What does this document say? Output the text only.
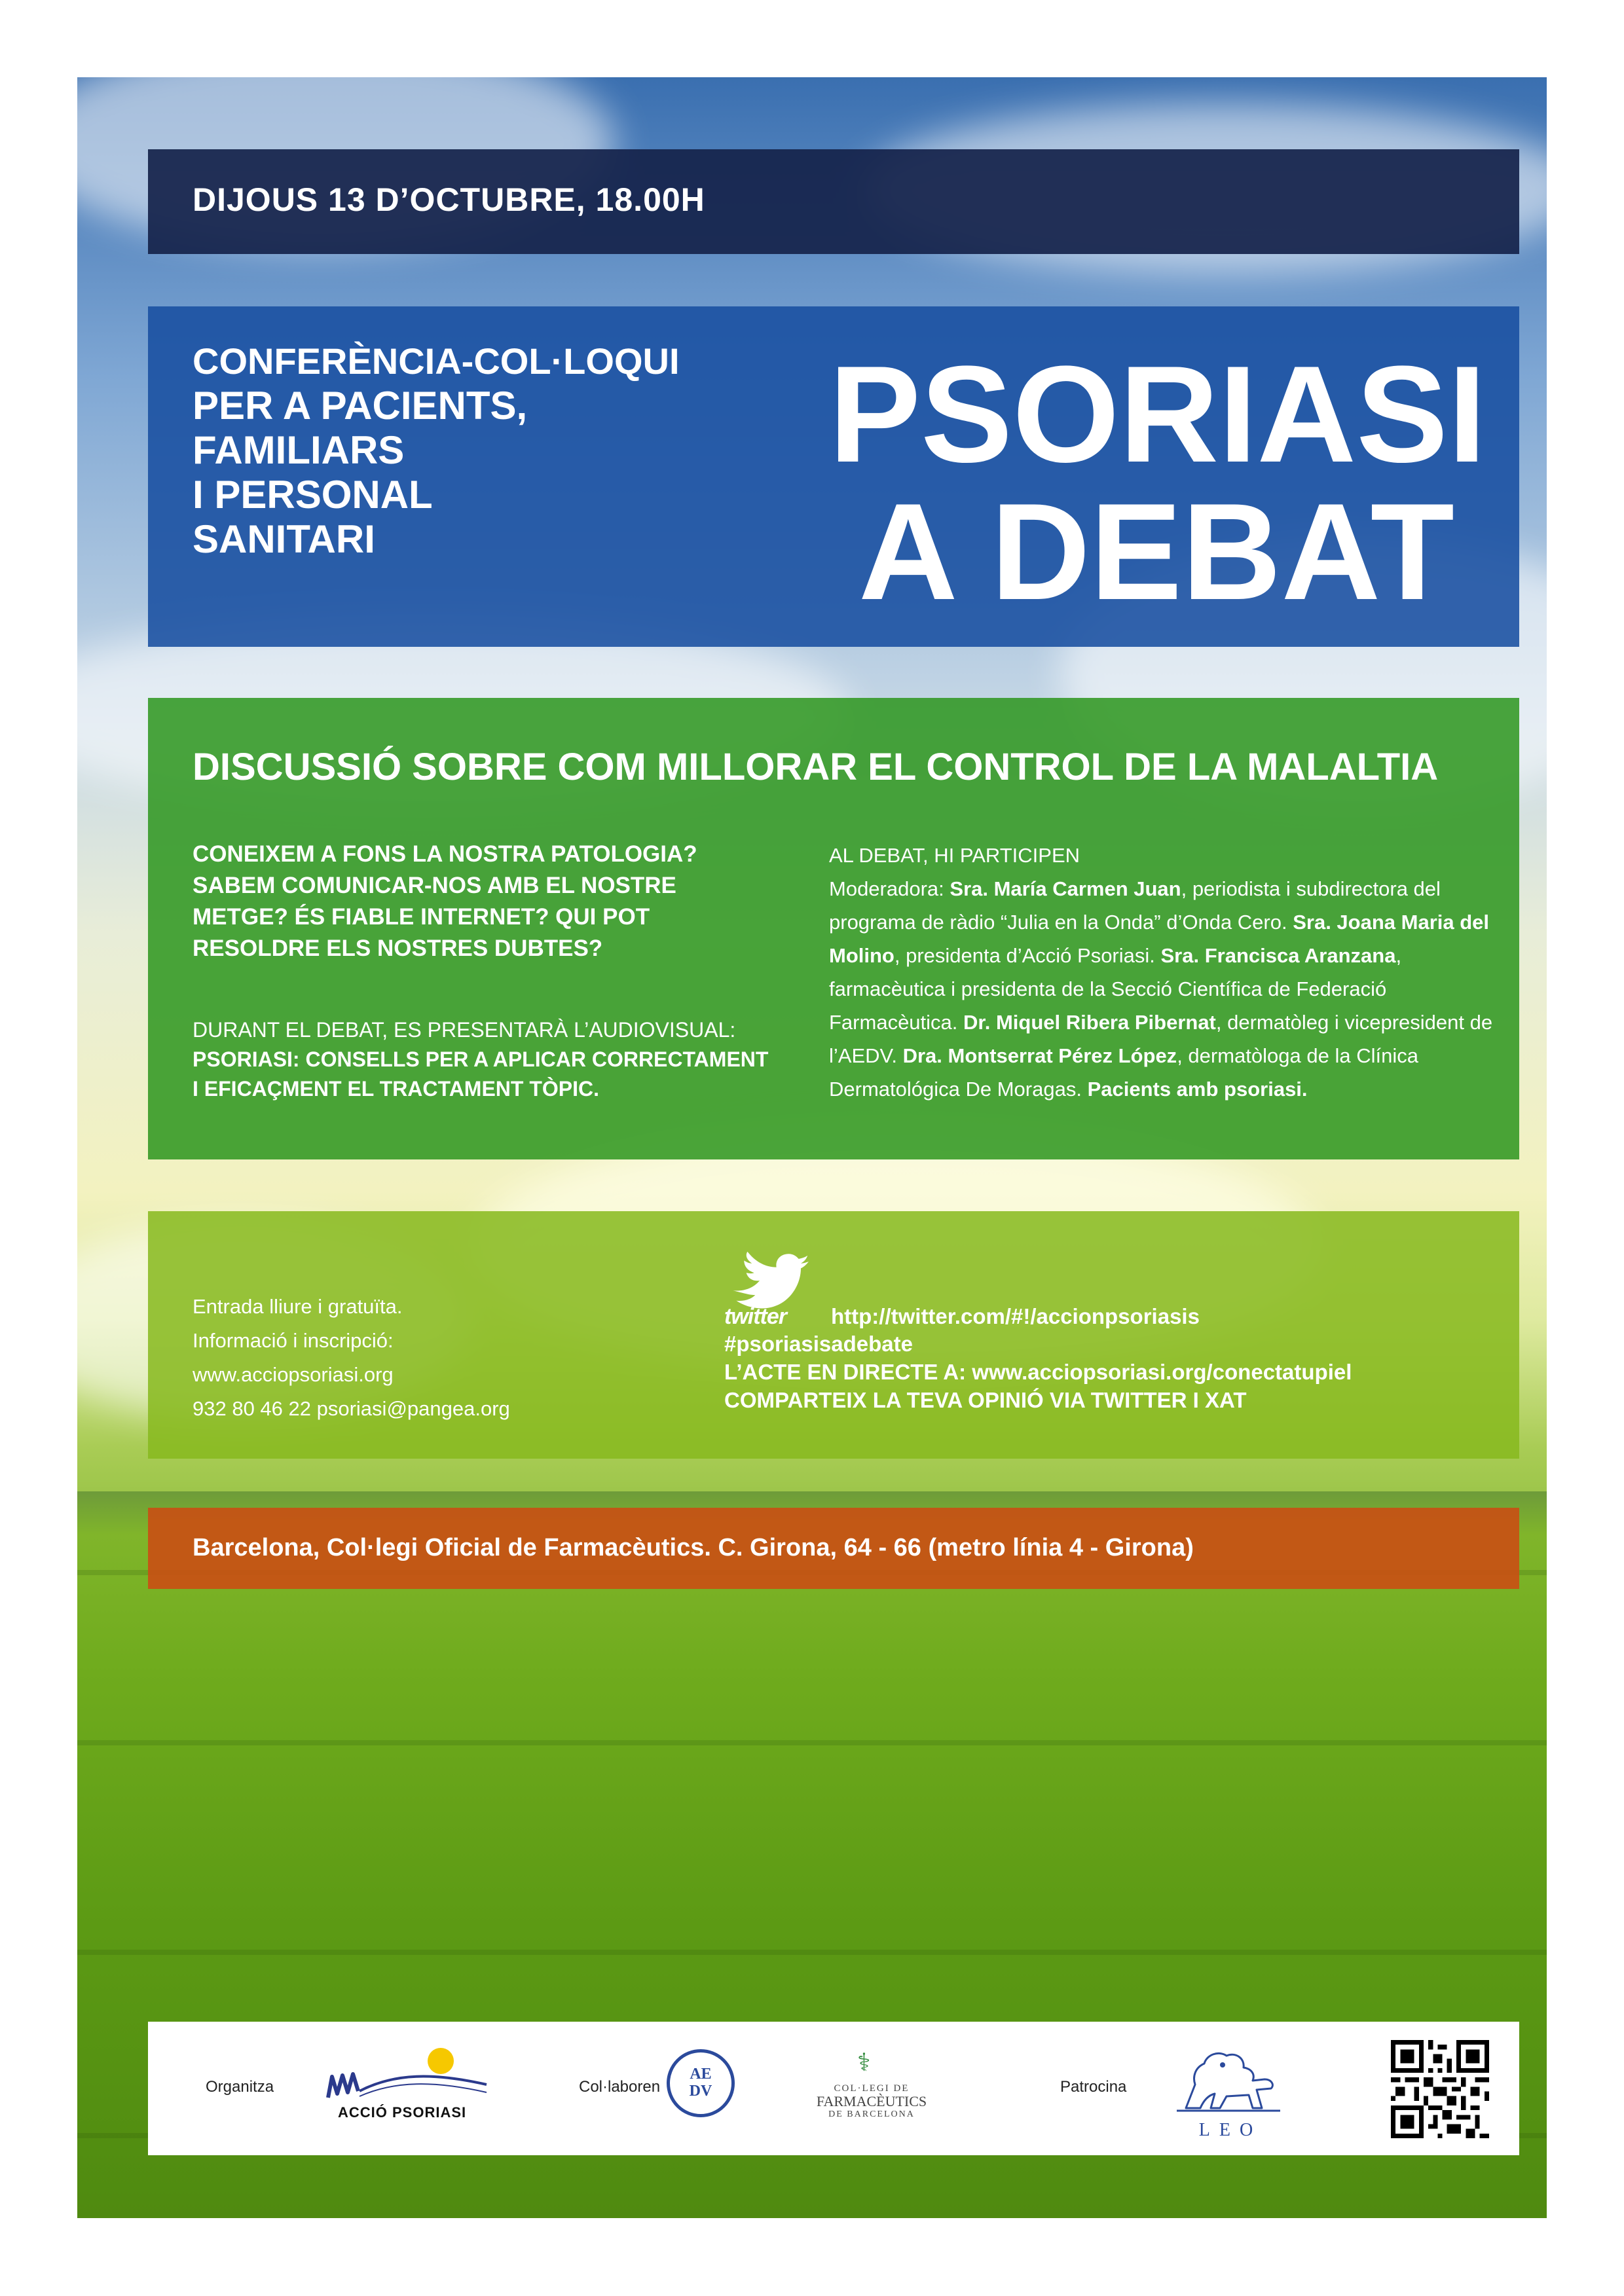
DIJOUS 13 D’OCTUBRE, 18.00H
CONFERÈNCIA-COL·LOQUI
PER A PACIENTS,
FAMILIARS
I PERSONAL
SANITARI
PSORIASI
A DEBAT
DISCUSSIÓ SOBRE COM MILLORAR EL CONTROL DE LA MALALTIA
CONEIXEM A FONS LA NOSTRA PATOLOGIA?
SABEM COMUNICAR-NOS AMB EL NOSTRE
METGE? ÉS FIABLE INTERNET? QUI POT
RESOLDRE ELS NOSTRES DUBTES?
DURANT EL DEBAT, ES PRESENTARÀ L’AUDIOVISUAL:
PSORIASI: CONSELLS PER A APLICAR CORRECTAMENT
I EFICAÇMENT EL TRACTAMENT TÒPIC.
AL DEBAT, HI PARTICIPEN
Moderadora: Sra. María Carmen Juan, periodista i subdirectora del programa de ràdio “Julia en la Onda” d’Onda Cero. Sra. Joana Maria del Molino, presidenta d’Acció Psoriasi. Sra. Francisca Aranzana, farmacèutica i presidenta de la Secció Científica de Federació Farmacèutica. Dr. Miquel Ribera Pibernat, dermatòleg i vicepresident de l’AEDV. Dra. Montserrat Pérez López, dermatòloga de la Clínica Dermatológica De Moragas. Pacients amb psoriasi.
Entrada lliure i gratuïta.
Informació i inscripció:
www.acciopsoriasi.org
932 80 46 22 psoriasi@pangea.org
twitter http://twitter.com/#!/accionpsoriasis
#psoriasisadebate
L’ACTE EN DIRECTE A: www.acciopsoriasi.org/conectatupiel
COMPARTEIX LA TEVA OPINIÓ VIA TWITTER I XAT
Barcelona, Col·legi Oficial de Farmacèutics. C. Girona, 64 - 66 (metro línia 4 - Girona)
Organitza
ACCIÓ PSORIASI
Col·laboren
AE
DV
⚕
COL·LEGI DE
FARMACÈUTICS
DE BARCELONA
Patrocina
LEO
